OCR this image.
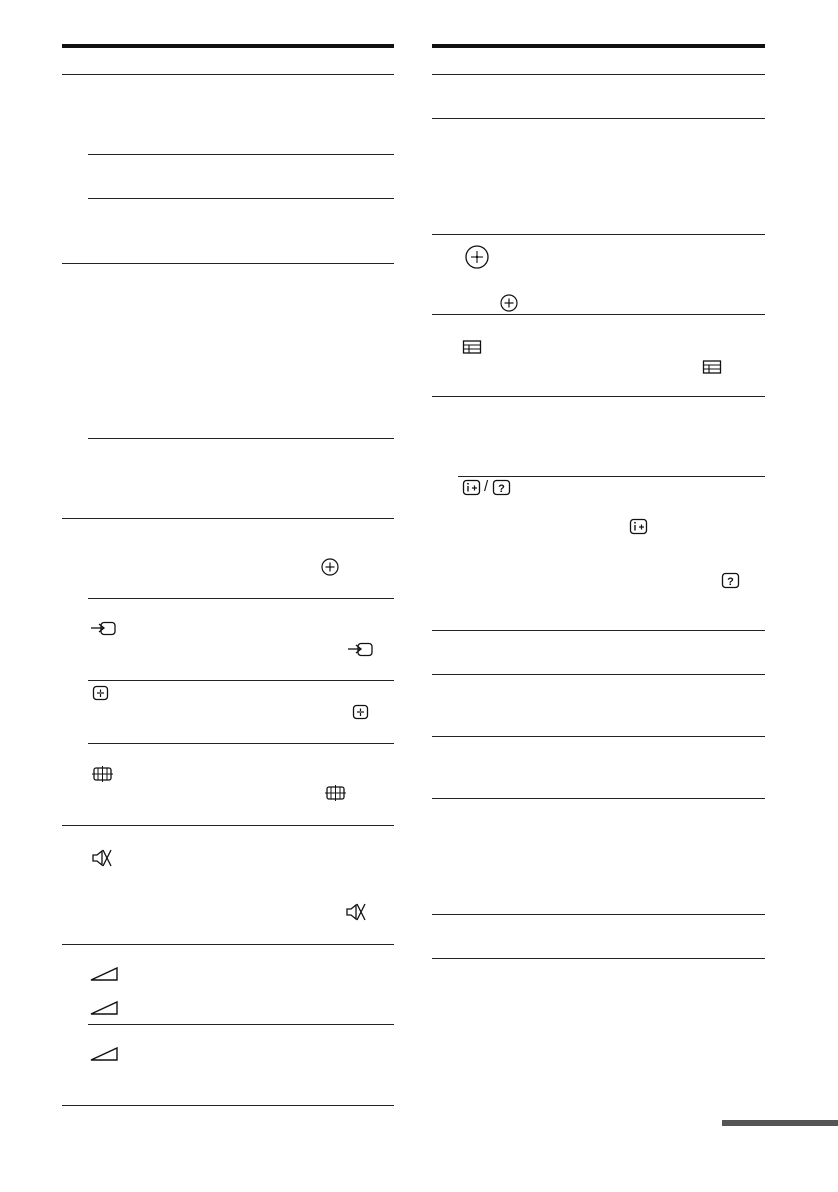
/ ?
?
